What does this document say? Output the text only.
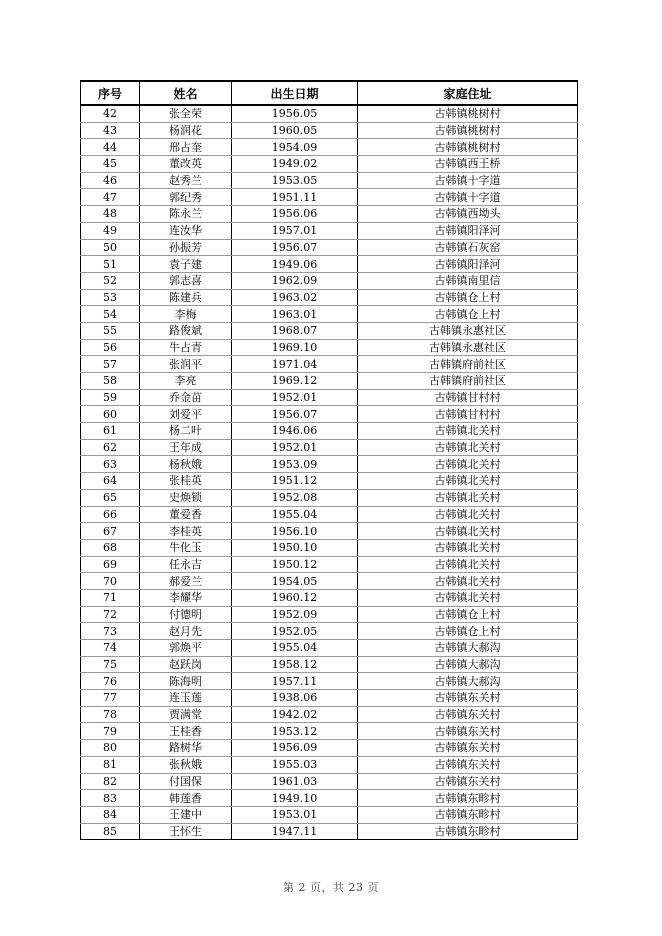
序号	姓名	出生日期	家庭住址
42	张全荣	1956.05	古韩镇桃树村
43	杨润花	1960.05	古韩镇桃树村
44	邢占奎	1954.09	古韩镇桃树村
45	董改英	1949.02	古韩镇西王桥
46	赵秀兰	1953.05	古韩镇十字道
47	郭纪秀	1951.11	古韩镇十字道
48	陈永兰	1956.06	古韩镇西坳头
49	连汝华	1957.01	古韩镇阳泽河
50	孙振芳	1956.07	古韩镇石灰窑
51	袁子建	1949.06	古韩镇阳泽河
52	郭志喜	1962.09	古韩镇南里信
53	陈建兵	1963.02	古韩镇仓上村
54	李梅	1963.01	古韩镇仓上村
55	路俊斌	1968.07	古韩镇永惠社区
56	牛占青	1969.10	古韩镇永惠社区
57	张润平	1971.04	古韩镇府前社区
58	李亮	1969.12	古韩镇府前社区
59	乔金苗	1952.01	古韩镇甘村村
60	刘爱平	1956.07	古韩镇甘村村
61	杨二叶	1946.06	古韩镇北关村
62	王年成	1952.01	古韩镇北关村
63	杨秋娥	1953.09	古韩镇北关村
64	张桂英	1951.12	古韩镇北关村
65	史焕锁	1952.08	古韩镇北关村
66	董爱香	1955.04	古韩镇北关村
67	李桂英	1956.10	古韩镇北关村
68	牛化玉	1950.10	古韩镇北关村
69	任永吉	1950.12	古韩镇北关村
70	郝爱兰	1954.05	古韩镇北关村
71	李耀华	1960.12	古韩镇北关村
72	付德明	1952.09	古韩镇仓上村
73	赵月先	1952.05	古韩镇仓上村
74	郭焕平	1955.04	古韩镇大郝沟
75	赵跃岗	1958.12	古韩镇大郝沟
76	陈海明	1957.11	古韩镇大郝沟
77	连玉莲	1938.06	古韩镇东关村
78	贾满堂	1942.02	古韩镇东关村
79	王桂香	1953.12	古韩镇东关村
80	路树华	1956.09	古韩镇东关村
81	张秋娥	1955.03	古韩镇东关村
82	付国保	1961.03	古韩镇东关村
83	韩莲香	1949.10	古韩镇东畛村
84	王建中	1953.01	古韩镇东畛村
85	王怀生	1947.11	古韩镇东畛村
第 2 页，共 23 页
